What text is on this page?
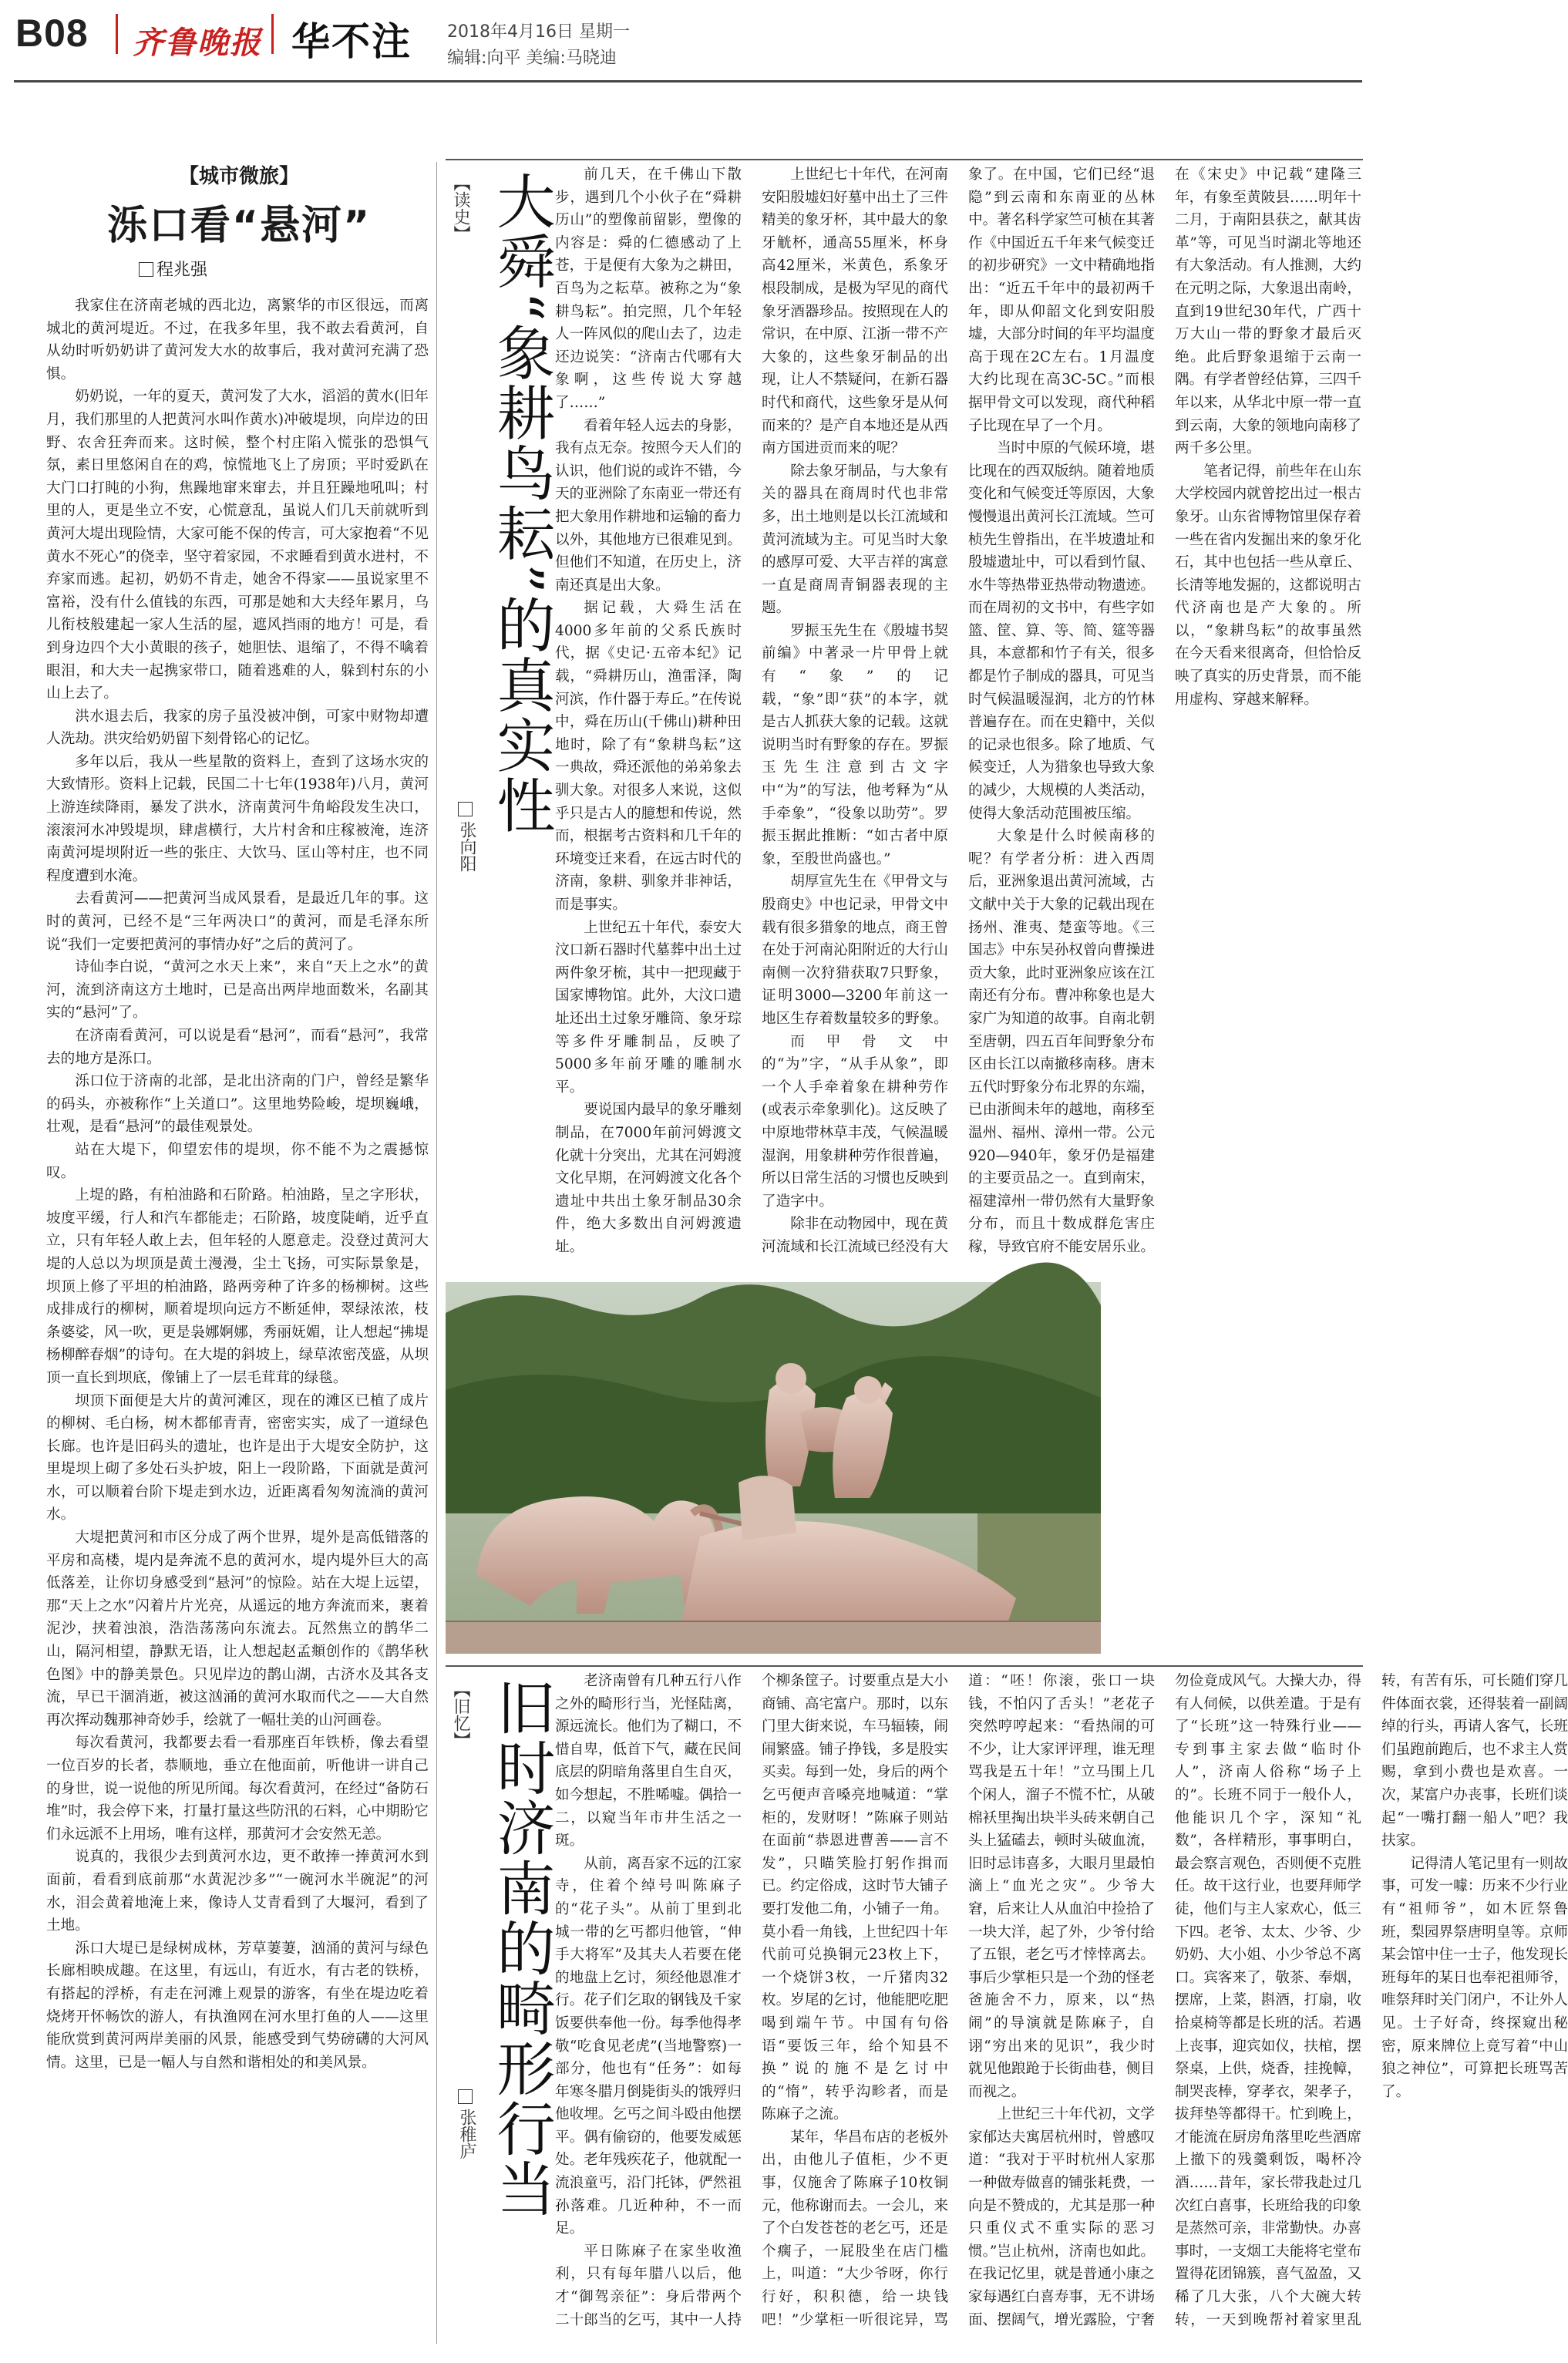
B08 齐鲁晚报 华不注 2018年4月16日 星期一
编辑:向平 美编:马晓迪
【城市微旅】
泺口看“悬河”
程兆强

我家住在济南老城的西北边，离繁华的市区很远，而离城北的黄河堤近。不过，在我多年里，我不敢去看黄河，自从幼时听奶奶讲了黄河发大水的故事后，我对黄河充满了恐惧。

奶奶说，一年的夏天，黄河发了大水，滔滔的黄水(旧年月，我们那里的人把黄河水叫作黄水)冲破堤坝，向岸边的田野、农舍狂奔而来。这时候，整个村庄陷入慌张的恐惧气氛，素日里悠闲自在的鸡，惊慌地飞上了房顶；平时爱趴在大门口打盹的小狗，焦躁地窜来窜去，并且狂躁地吼叫；村里的人，更是坐立不安，心慌意乱，虽说人们几天前就听到黄河大堤出现险情，大家可能不保的传言，可大家抱着“不见黄水不死心”的侥幸，坚守着家园，不求睡看到黄水进村，不弃家而逃。起初，奶奶不肯走，她舍不得家——虽说家里不富裕，没有什么值钱的东西，可那是她和大夫经年累月，乌儿衔枝般建起一家人生活的屋，遮风挡雨的地方！可是，看到身边四个大小黄眼的孩子，她胆怯、退缩了，不得不噙着眼泪，和大夫一起携家带口，随着逃难的人，躲到村东的小山上去了。

洪水退去后，我家的房子虽没被冲倒，可家中财物却遭人洗劫。洪灾给奶奶留下刻骨铭心的记忆。

多年以后，我从一些星散的资料上，查到了这场水灾的大致情形。资料上记载，民国二十七年(1938年)八月，黄河上游连续降雨，暴发了洪水，济南黄河牛角峪段发生决口，滚滚河水冲毁堤坝，肆虐横行，大片村舍和庄稼被淹，连济南黄河堤坝附近一些的张庄、大饮马、匡山等村庄，也不同程度遭到水淹。

去看黄河——把黄河当成风景看，是最近几年的事。这时的黄河，已经不是“三年两决口”的黄河，而是毛泽东所说“我们一定要把黄河的事情办好”之后的黄河了。

诗仙李白说，“黄河之水天上来”，来自“天上之水”的黄河，流到济南这方土地时，已是高出两岸地面数米，名副其实的“悬河”了。

在济南看黄河，可以说是看“悬河”，而看“悬河”，我常去的地方是泺口。

泺口位于济南的北部，是北出济南的门户，曾经是繁华的码头，亦被称作“上关道口”。这里地势险峻，堤坝巍峨，壮观，是看“悬河”的最佳观景处。

站在大堤下，仰望宏伟的堤坝，你不能不为之震撼惊叹。

上堤的路，有柏油路和石阶路。柏油路，呈之字形状，坡度平缓，行人和汽车都能走；石阶路，坡度陡峭，近乎直立，只有年轻人敢上去，但年轻的人愿意走。没登过黄河大堤的人总以为坝顶是黄土漫漫，尘土飞扬，可实际景象是，坝顶上修了平坦的柏油路，路两旁种了许多的杨柳树。这些成排成行的柳树，顺着堤坝向远方不断延伸，翠绿浓浓，枝条婆娑，风一吹，更是袅娜婀娜，秀丽妩媚，让人想起“拂堤杨柳醉春烟”的诗句。在大堤的斜坡上，绿草浓密茂盛，从坝顶一直长到坝底，像铺上了一层毛茸茸的绿毯。

坝顶下面便是大片的黄河滩区，现在的滩区已植了成片的柳树、毛白杨，树木都郁青青，密密实实，成了一道绿色长廊。也许是旧码头的遗址，也许是出于大堤安全防护，这里堤坝上砌了多处石头护坡，阳上一段阶路，下面就是黄河水，可以顺着台阶下堤走到水边，近距离看匆匆流淌的黄河水。

大堤把黄河和市区分成了两个世界，堤外是高低错落的平房和高楼，堤内是奔流不息的黄河水，堤内堤外巨大的高低落差，让你切身感受到“悬河”的惊险。站在大堤上远望，那“天上之水”闪着片片光亮，从遥远的地方奔流而来，裹着泥沙，挟着浊浪，浩浩荡荡向东流去。瓦然焦立的鹊华二山，隔河相望，静默无语，让人想起赵孟頫创作的《鹊华秋色图》中的静美景色。只见岸边的鹊山湖，古济水及其各支流，早已干涸消逝，被这汹涌的黄河水取而代之——大自然再次挥动魏那神奇妙手，绘就了一幅壮美的山河画卷。

每次看黄河，我都要去看一看那座百年铁桥，像去看望一位百岁的长者，恭顺地，垂立在他面前，听他讲一讲自己的身世，说一说他的所见所闻。每次看黄河，在经过“备防石堆”时，我会停下来，打量打量这些防汛的石料，心中期盼它们永远派不上用场，唯有这样，那黄河才会安然无恙。

说真的，我很少去到黄河水边，更不敢捧一捧黄河水到面前，看看到底前那“水黄泥沙多”“一碗河水半碗泥”的河水，泪会黄着地淹上来，像诗人艾青看到了大堰河，看到了土地。

泺口大堤已是绿树成林，芳草萋萋，汹涌的黄河与绿色长廊相映成趣。在这里，有远山，有近水，有古老的铁桥，有搭起的浮桥，有走在河滩上观景的游客，有坐在堤边吃着烧烤开怀畅饮的游人，有执渔网在河水里打鱼的人——这里能欣赏到黄河两岸美丽的风景，能感受到气势磅礴的大河风情。这里，已是一幅人与自然和谐相处的和美风景。

【读史】 大舜“象耕鸟耘”的真实性
张向阳

前几天，在千佛山下散步，遇到几个小伙子在“舜耕历山”的塑像前留影，塑像的内容是：舜的仁德感动了上苍，于是便有大象为之耕田，百鸟为之耘草。被称之为“象耕鸟耘”。拍完照，几个年轻人一阵风似的爬山去了，边走还边说笑：“济南古代哪有大象啊，这些传说大穿越了……”

看着年轻人远去的身影，我有点无奈。按照今天人们的认识，他们说的或许不错，今天的亚洲除了东南亚一带还有把大象用作耕地和运输的畜力以外，其他地方已很难见到。但他们不知道，在历史上，济南还真是出大象。

据记载，大舜生活在4000多年前的父系氏族时代，据《史记·五帝本纪》记载，“舜耕历山，渔雷泽，陶河滨，作什器于寿丘。”在传说中，舜在历山(千佛山)耕种田地时，除了有“象耕鸟耘”这一典故，舜还派他的弟弟象去驯大象。对很多人来说，这似乎只是古人的臆想和传说，然而，根据考古资料和几千年的环境变迁来看，在远古时代的济南，象耕、驯象并非神话，而是事实。

上世纪五十年代，泰安大汶口新石器时代墓葬中出土过两件象牙梳，其中一把现藏于国家博物馆。此外，大汶口遗址还出土过象牙雕筒、象牙琮等多件牙雕制品，反映了5000多年前牙雕的雕制水平。

要说国内最早的象牙雕刻制品，在7000年前河姆渡文化就十分突出，尤其在河姆渡文化早期，在河姆渡文化各个遗址中共出土象牙制品30余件，绝大多数出自河姆渡遗址。

上世纪七十年代，在河南安阳殷墟妇好墓中出土了三件精美的象牙杯，其中最大的象牙觥杯，通高55厘米，杯身高42厘米，米黄色，系象牙根段制成，是极为罕见的商代象牙酒器珍品。按照现在人的常识，在中原、江浙一带不产大象的，这些象牙制品的出现，让人不禁疑问，在新石器时代和商代，这些象牙是从何而来的？是产自本地还是从西南方国进贡而来的呢？

除去象牙制品，与大象有关的器具在商周时代也非常多，出土地则是以长江流域和黄河流域为主。可见当时大象的感厚可爱、大平吉祥的寓意一直是商周青铜器表现的主题。

罗振玉先生在《殷墟书契前编》中著录一片甲骨上就有“象”的记载，“象”即“获”的本字，就是古人抓获大象的记载。这就说明当时有野象的存在。罗振玉先生注意到古文字中“为”的写法，他考释为“从手牵象”，“役象以助劳”。罗振玉据此推断：“如古者中原象，至殷世尚盛也。”

胡厚宣先生在《甲骨文与殷商史》中也记录，甲骨文中载有很多猎象的地点，商王曾在处于河南沁阳附近的大行山南侧一次狩猎获取7只野象，证明3000—3200年前这一地区生存着数量较多的野象。

而甲骨文中的“为”字，“从手从象”，即一个人手牵着象在耕种劳作(或表示牵象驯化)。这反映了中原地带林草丰茂，气候温暖湿润，用象耕种劳作很普遍，所以日常生活的习惯也反映到了造字中。

除非在动物园中，现在黄河流域和长江流域已经没有大象了。在中国，它们已经“退隐”到云南和东南亚的丛林中。著名科学家竺可桢在其著作《中国近五千年来气候变迁的初步研究》一文中精确地指出：“近五千年中的最初两千年，即从仰韶文化到安阳殷墟，大部分时间的年平均温度高于现在2C左右。1月温度大约比现在高3C-5C。”而根据甲骨文可以发现，商代种稻子比现在早了一个月。

当时中原的气候环境，堪比现在的西双版纳。随着地质变化和气候变迁等原因，大象慢慢退出黄河长江流域。竺可桢先生曾指出，在半坡遗址和殷墟遗址中，可以看到竹鼠、水牛等热带亚热带动物遗迹。而在周初的文书中，有些字如篮、筐、算、等、简、筵等器具，本意都和竹子有关，很多都是竹子制成的器具，可见当时气候温暖湿润，北方的竹林普遍存在。而在史籍中，关似的记录也很多。除了地质、气候变迁，人为猎象也导致大象的减少，大规模的人类活动，使得大象活动范围被压缩。

大象是什么时候南移的呢？有学者分析：进入西周后，亚洲象退出黄河流域，古文献中关于大象的记载出现在扬州、淮夷、楚蛮等地。《三国志》中东吴孙权曾向曹操进贡大象，此时亚洲象应该在江南还有分布。曹冲称象也是大家广为知道的故事。自南北朝至唐朝，四五百年间野象分布区由长江以南撤移南移。唐末五代时野象分布北界的东端，已由浙闽未年的越地，南移至温州、福州、漳州一带。公元920—940年，象牙仍是福建的主要贡品之一。直到南宋，福建漳州一带仍然有大量野象分布，而且十数成群危害庄稼，导致官府不能安居乐业。在《宋史》中记载“建隆三年，有象至黄陂县……明年十二月，于南阳县获之，献其齿革”等，可见当时湖北等地还有大象活动。有人推测，大约在元明之际，大象退出南岭，直到19世纪30年代，广西十万大山一带的野象才最后灭绝。此后野象退缩于云南一隅。有学者曾经估算，三四千年以来，从华北中原一带一直到云南，大象的领地向南移了两千多公里。

笔者记得，前些年在山东大学校园内就曾挖出过一根古象牙。山东省博物馆里保存着一些在省内发掘出来的象牙化石，其中也包括一些从章丘、长清等地发掘的，这都说明古代济南也是产大象的。所以，“象耕鸟耘”的故事虽然在今天看来很离奇，但恰恰反映了真实的历史背景，而不能用虚构、穿越来解释。

【旧忆】 旧时济南的畸形行当
张稚庐

老济南曾有几种五行八作之外的畸形行当，光怪陆离，源远流长。他们为了糊口，不惜自卑，低首下气，藏在民间底层的阴暗角落里自生自灭，如今想起，不胜唏嘘。偶拾一二，以窥当年市井生活之一斑。

从前，离吾家不远的江家寺，住着个绰号叫陈麻子的“花子头”。从前丁里到北城一带的乞丐都归他管，“伸手大将军”及其夫人若要在佬的地盘上乞讨，须经他恩准才行。花子们乞取的钢钱及千家饭要供奉他一份。每季他得孝敬“吃食见老虎”(当地警察)一部分，他也有“任务”：如每年寒冬腊月倒毙街头的饿殍归他收埋。乞丐之间斗殴由他摆平。偶有偷窃的，他要发威惩处。老年残疾花子，他就配一流浪童丐，沿门托钵，俨然祖孙落难。几近种种，不一而足。

平日陈麻子在家坐收渔利，只有每年腊八以后，他才“御驾亲征”：身后带两个二十郎当的乞丐，其中一人持个柳条筐子。讨要重点是大小商铺、高宅富户。那时，以东门里大街来说，车马辐辏，闹闹繁盛。铺子挣钱，多是股实买卖。每到一处，身后的两个乞丐便声音嗓亮地喊道：“掌柜的，发财呀！”陈麻子则站在面前“恭恩进曹善——言不发”，只瞄笑脸打躬作揖而已。约定俗成，这时节大铺子要打发他二角，小铺子一角。莫小看一角钱，上世纪四十年代前可兑换铜元23枚上下，一个烧饼3枚，一斤猪肉32枚。岁尾的乞讨，他能肥吃肥喝到端午节。中国有句俗语“要饭三年，给个知县不换”说的施不是乞讨中的“惰”，转乎沟畛者，而是陈麻子之流。

某年，华昌布店的老板外出，由他儿子值柜，少不更事，仅施舍了陈麻子10枚铜元，他称谢而去。一会儿，来了个白发苍苍的老乞丐，还是个瘸子，一屁股坐在店门槛上，叫道：“大少爷呀，你行行好，积积德，给一块钱吧！”少掌柜一听很诧异，骂道：“呸！你滚，张口一块钱，不怕闪了舌头！”老花子突然哼哼起来：“看热闹的可不少，让大家评评理，谁无理骂我是五十年！”立马围上几个闲人，溜子不慌不忙，从破棉袄里掏出块半头砖来朝自己头上猛磕去，顿时头破血流，旧时忌讳喜多，大眼月里最怕滴上“血光之灾”。少爷大窘，后来让人从血泊中捡拾了一块大洋，起了外，少爷付给了五银，老乞丐才悻悻离去。事后少掌柜只是一个劲的怪老爸施舍不力，原来，以“热闹”的导演就是陈麻子，自诩“穷出来的见识”，我少时就见他踉跄于长街曲巷，侧目而视之。

上世纪三十年代初，文学家郁达夫寓居杭州时，曾感叹道：“我对于平时杭州人家那一种做寿做喜的铺张耗费，一向是不赞成的，尤其是那一种只重仪式不重实际的恶习惯。”岂止杭州，济南也如此。在我记忆里，就是普通小康之家每遇红白喜寿事，无不讲场面、摆阔气，增光露脸，宁奢勿俭竟成风气。大操大办，得有人伺候，以供差遣。于是有了“长班”这一特殊行业——专到事主家去做“临时仆人”，济南人俗称“场子上的”。长班不同于一般仆人，他能识几个字，深知“礼数”，各样精形，事事明白，最会察言观色，否则便不克胜任。故干这行业，也要拜师学徒，他们与主人家欢心，低三下四。老爷、太太、少爷、少奶奶、大小姐、小少爷总不离口。宾客来了，敬茶、奉烟，摆席，上菜，斟酒，打扇，收拾桌椅等都是长班的活。若遇上丧事，迎宾如仪，扶棺，摆祭桌，上供，烧香，挂挽幛，制哭丧棒，穿孝衣，架孝子，拔拜垫等都得干。忙到晚上，才能流在厨房角落里吃些酒席上撤下的残羹剩饭，喝杯冷酒……昔年，家长带我赴过几次红白喜事，长班给我的印象是蒸然可亲，非常勤快。办喜事时，一支烟工夫能将宅堂布置得花团锦簇，喜气盈盈，又稀了几大张，八个大碗大转转，一天到晚帮衬着家里乱转，有苦有乐，可长随们穿几件体面衣裳，还得装着一副阔绰的行头，再请人客气，长班们虽跑前跑后，也不求主人赏赐，拿到小费也是欢喜。一次，某富户办丧事，长班们谈起“一嘴打翻一船人”吧？我扶家。

记得清人笔记里有一则故事，可发一噱：历来不少行业有“祖师爷”，如木匠祭鲁班，梨园界祭唐明皇等。京师某会馆中住一士子，他发现长班每年的某日也奉祀祖师爷，唯祭拜时关门闭户，不让外人见。士子好奇，终探窥出秘密，原来牌位上竟写着“中山狼之神位”，可算把长班骂苦了。
